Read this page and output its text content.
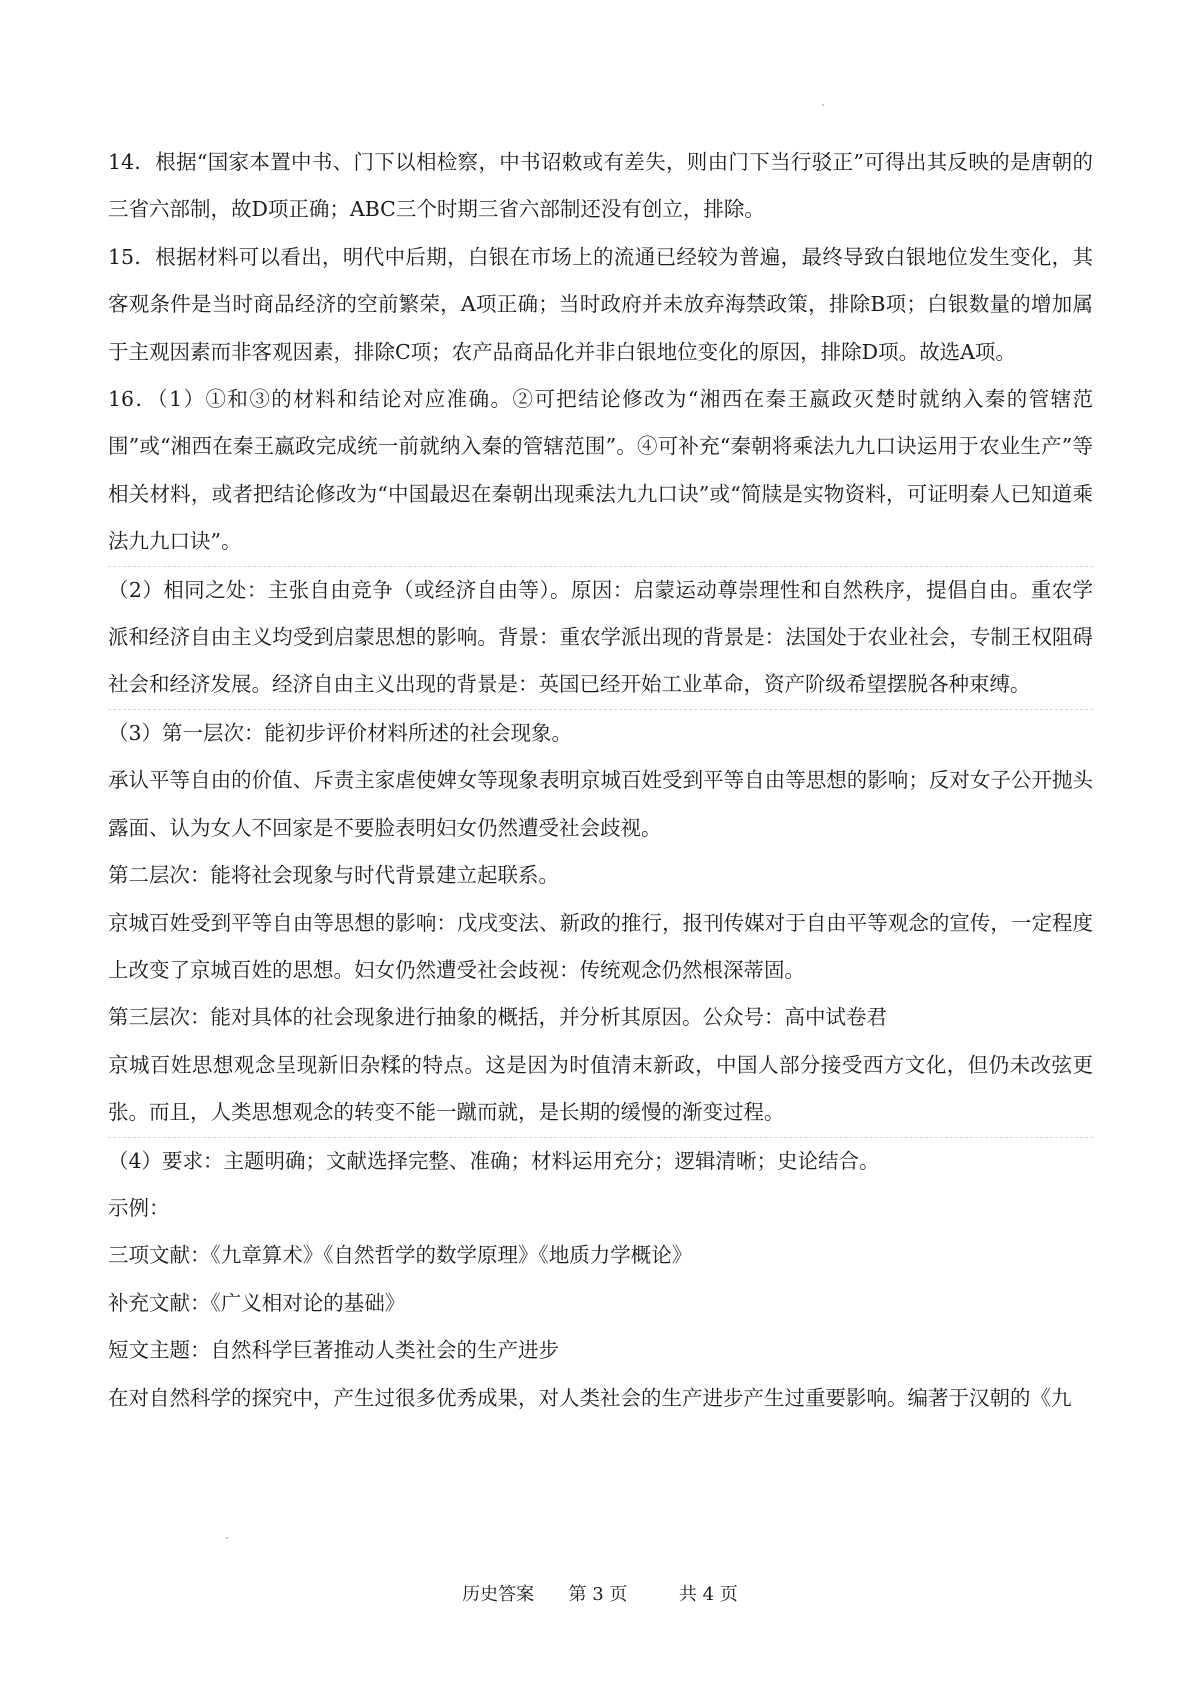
14．根据“国家本置中书、门下以相检察，中书诏敕或有差失，则由门下当行驳正”可得出其反映的是唐朝的三省六部制，故D项正确；ABC三个时期三省六部制还没有创立，排除。

15．根据材料可以看出，明代中后期，白银在市场上的流通已经较为普遍，最终导致白银地位发生变化，其客观条件是当时商品经济的空前繁荣，A项正确；当时政府并未放弃海禁政策，排除B项；白银数量的增加属于主观因素而非客观因素，排除C项；农产品商品化并非白银地位变化的原因，排除D项。故选A项。

16．（1）①和③的材料和结论对应准确。②可把结论修改为“湘西在秦王嬴政灭楚时就纳入秦的管辖范围”或“湘西在秦王嬴政完成统一前就纳入秦的管辖范围”。④可补充“秦朝将乘法九九口诀运用于农业生产”等相关材料，或者把结论修改为“中国最迟在秦朝出现乘法九九口诀”或“简牍是实物资料，可证明秦人已知道乘法九九口诀”。

（2）相同之处：主张自由竞争（或经济自由等）。原因：启蒙运动尊崇理性和自然秩序，提倡自由。重农学派和经济自由主义均受到启蒙思想的影响。背景：重农学派出现的背景是：法国处于农业社会，专制王权阻碍社会和经济发展。经济自由主义出现的背景是：英国已经开始工业革命，资产阶级希望摆脱各种束缚。

（3）第一层次：能初步评价材料所述的社会现象。

承认平等自由的价值、斥责主家虐使婢女等现象表明京城百姓受到平等自由等思想的影响；反对女子公开抛头露面、认为女人不回家是不要脸表明妇女仍然遭受社会歧视。

第二层次：能将社会现象与时代背景建立起联系。

京城百姓受到平等自由等思想的影响：戊戌变法、新政的推行，报刊传媒对于自由平等观念的宣传，一定程度上改变了京城百姓的思想。妇女仍然遭受社会歧视：传统观念仍然根深蒂固。

第三层次：能对具体的社会现象进行抽象的概括，并分析其原因。公众号：高中试卷君

京城百姓思想观念呈现新旧杂糅的特点。这是因为时值清末新政，中国人部分接受西方文化，但仍未改弦更张。而且，人类思想观念的转变不能一蹴而就，是长期的缓慢的渐变过程。

（4）要求：主题明确；文献选择完整、准确；材料运用充分；逻辑清晰；史论结合。

示例：

三项文献：《九章算术》《自然哲学的数学原理》《地质力学概论》

补充文献：《广义相对论的基础》

短文主题：自然科学巨著推动人类社会的生产进步

在对自然科学的探究中，产生过很多优秀成果，对人类社会的生产进步产生过重要影响。编著于汉朝的《九

历史答案 第 3 页	共 4 页
